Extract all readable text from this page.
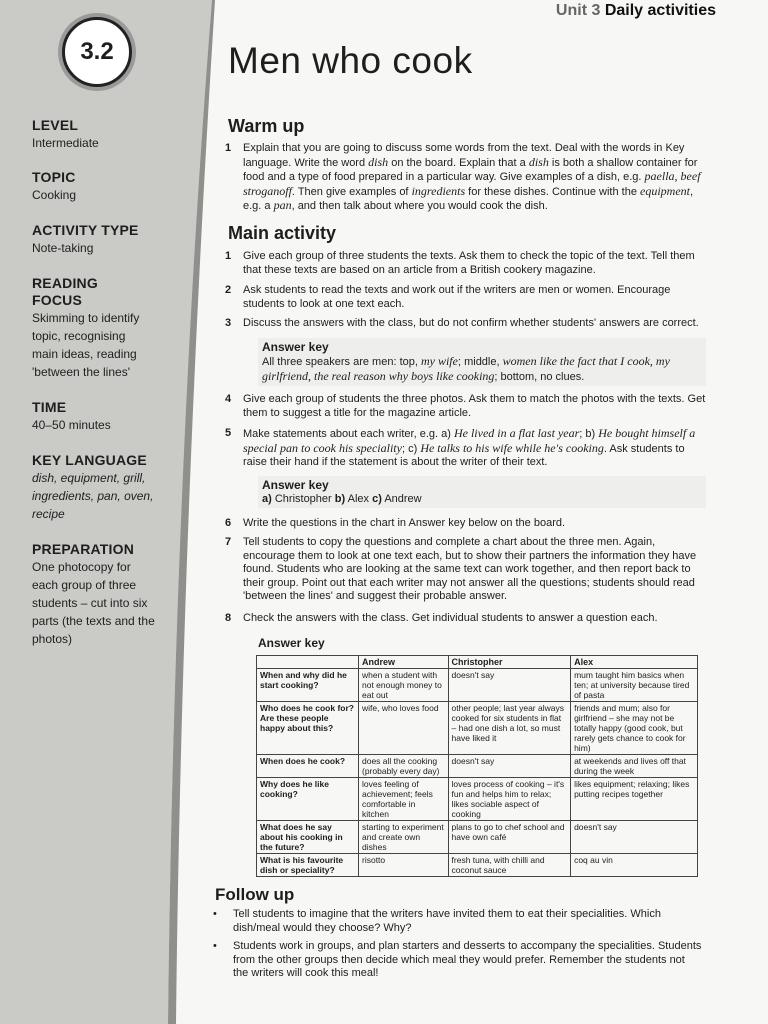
3.2
LEVEL

Intermediate

TOPIC

Cooking

ACTIVITY TYPE

Note-taking

READING
FOCUS

Skimming to identify

topic, recognising

main ideas, reading

'between the lines'

TIME

40–50 minutes

KEY LANGUAGE

dish, equipment, grill,

ingredients, pan, oven,

recipe

PREPARATION

One photocopy for

each group of three

students – cut into six

parts (the texts and the

photos)

Unit 3 Daily activities
Men who cook
Warm up
1 Explain that you are going to discuss some words from the text. Deal with the words in Key language. Write the word dish on the board. Explain that a dish is both a shallow container for food and a type of food prepared in a particular way. Give examples of a dish, e.g. paella, beef stroganoff. Then give examples of ingredients for these dishes. Continue with the equipment, e.g. a pan, and then talk about where you would cook the dish.
Main activity
1 Give each group of three students the texts. Ask them to check the topic of the text. Tell them that these texts are based on an article from a British cookery magazine.
2 Ask students to read the texts and work out if the writers are men or women. Encourage students to look at one text each.
3 Discuss the answers with the class, but do not confirm whether students' answers are correct.
Answer key
All three speakers are men: top, my wife; middle, women like the fact that I cook, my girlfriend, the real reason why boys like cooking; bottom, no clues.
4 Give each group of students the three photos. Ask them to match the photos with the texts. Get them to suggest a title for the magazine article.
5 Make statements about each writer, e.g. a) He lived in a flat last year; b) He bought himself a special pan to cook his speciality; c) He talks to his wife while he's cooking. Ask students to raise their hand if the statement is about the writer of their text.
Answer key
a) Christopher b) Alex c) Andrew
6 Write the questions in the chart in Answer key below on the board.
7 Tell students to copy the questions and complete a chart about the three men. Again, encourage them to look at one text each, but to show their partners the information they have found. Students who are looking at the same text can work together, and then report back to their group. Point out that each writer may not answer all the questions; students should read 'between the lines' and suggest their probable answer.
8 Check the answers with the class. Get individual students to answer a question each.
Answer key
	Andrew	Christopher	Alex
When and why did he start cooking?	when a student with not enough money to eat out	doesn't say	mum taught him basics when ten; at university because tired of pasta
Who does he cook for? Are these people happy about this?	wife, who loves food	other people; last year always cooked for six students in flat – had one dish a lot, so must have liked it	friends and mum; also for girlfriend – she may not be totally happy (good cook, but rarely gets chance to cook for him)
When does he cook?	does all the cooking (probably every day)	doesn't say	at weekends and lives off that during the week
Why does he like cooking?	loves feeling of achievement; feels comfortable in kitchen	loves process of cooking – it's fun and helps him to relax; likes sociable aspect of cooking	likes equipment; relaxing; likes putting recipes together
What does he say about his cooking in the future?	starting to experiment and create own dishes	plans to go to chef school and have own café	doesn't say
What is his favourite dish or speciality?	risotto	fresh tuna, with chilli and coconut sauce	coq au vin
Follow up
• Tell students to imagine that the writers have invited them to eat their specialities. Which dish/meal would they choose? Why?
• Students work in groups, and plan starters and desserts to accompany the specialities. Students from the other groups then decide which meal they would prefer. Remember the students not the writers will cook this meal!
